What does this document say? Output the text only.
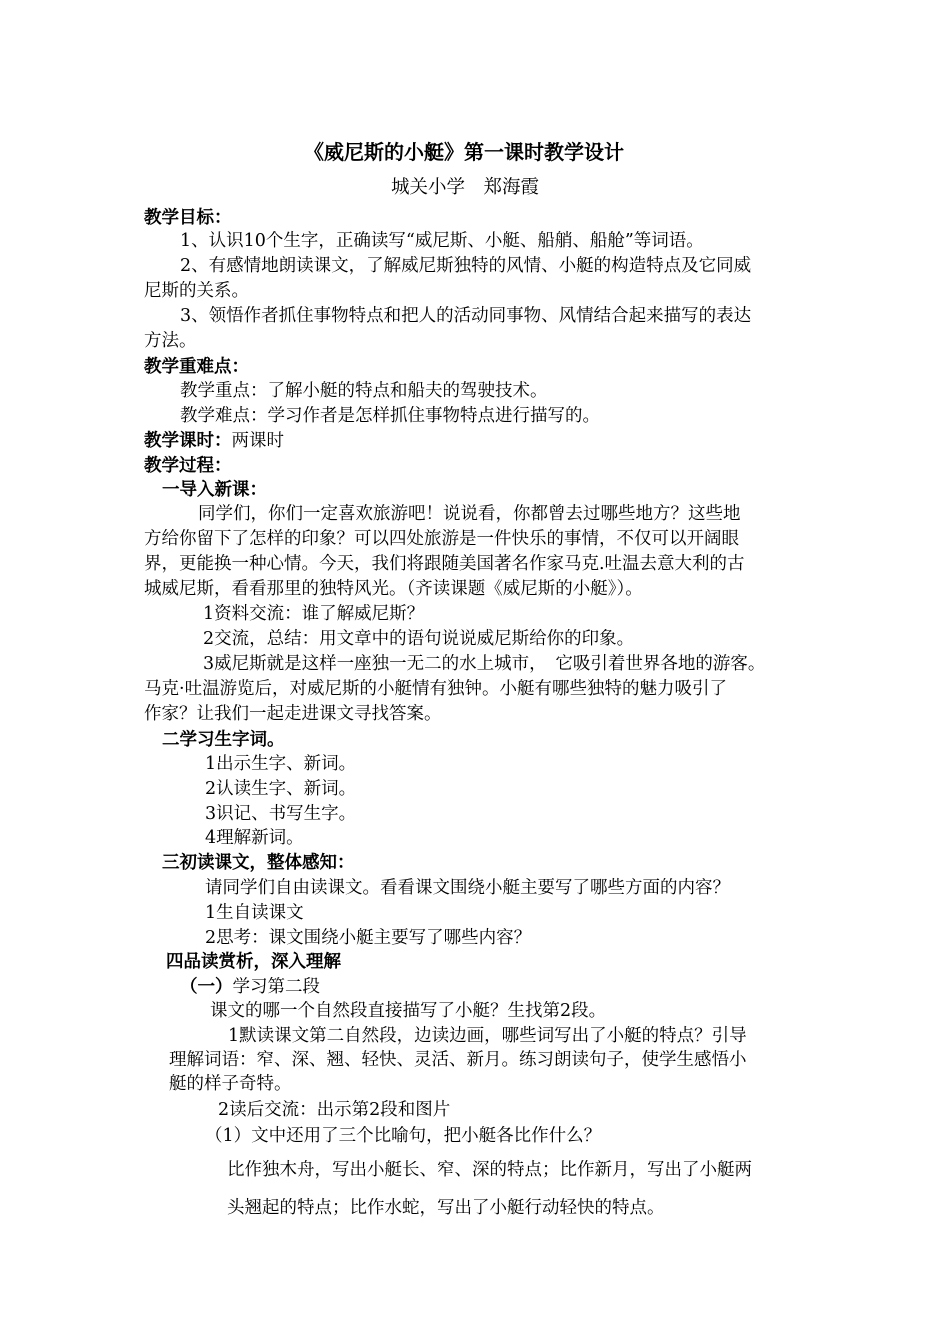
《威尼斯的小艇》第一课时教学设计
城关小学　郑海霞
教学目标：
1、认识10个生字，正确读写“威尼斯、小艇、船艄、船舱”等词语。
2、有感情地朗读课文，了解威尼斯独特的风情、小艇的构造特点及它同威
尼斯的关系。
3、领悟作者抓住事物特点和把人的活动同事物、风情结合起来描写的表达
方法。
教学重难点：
教学重点：了解小艇的特点和船夫的驾驶技术。
教学难点：学习作者是怎样抓住事物特点进行描写的。
教学课时：两课时
教学过程：
一导入新课：
同学们，你们一定喜欢旅游吧！说说看，你都曾去过哪些地方？这些地
方给你留下了怎样的印象？可以四处旅游是一件快乐的事情，不仅可以开阔眼
界，更能换一种心情。今天，我们将跟随美国著名作家马克.吐温去意大利的古
城威尼斯，看看那里的独特风光。（齐读课题《威尼斯的小艇》）。
1资料交流：谁了解威尼斯？
2交流，总结：用文章中的语句说说威尼斯给你的印象。
3威尼斯就是这样一座独一无二的水上城市，　它吸引着世界各地的游客。
马克·吐温游览后，对威尼斯的小艇情有独钟。小艇有哪些独特的魅力吸引了
作家？让我们一起走进课文寻找答案。
二学习生字词。
1出示生字、新词。
2认读生字、新词。
3识记、书写生字。
4理解新词。
三初读课文，整体感知：
请同学们自由读课文。看看课文围绕小艇主要写了哪些方面的内容？
1生自读课文
2思考：课文围绕小艇主要写了哪些内容？
四品读赏析，深入理解
（一）学习第二段
课文的哪一个自然段直接描写了小艇？生找第2段。
1默读课文第二自然段，边读边画，哪些词写出了小艇的特点？引导
理解词语：窄、深、翘、轻快、灵活、新月。练习朗读句子，使学生感悟小
艇的样子奇特。
2读后交流：出示第2段和图片
（1）文中还用了三个比喻句，把小艇各比作什么？
比作独木舟，写出小艇长、窄、深的特点；比作新月，写出了小艇两
头翘起的特点；比作水蛇，写出了小艇行动轻快的特点。
